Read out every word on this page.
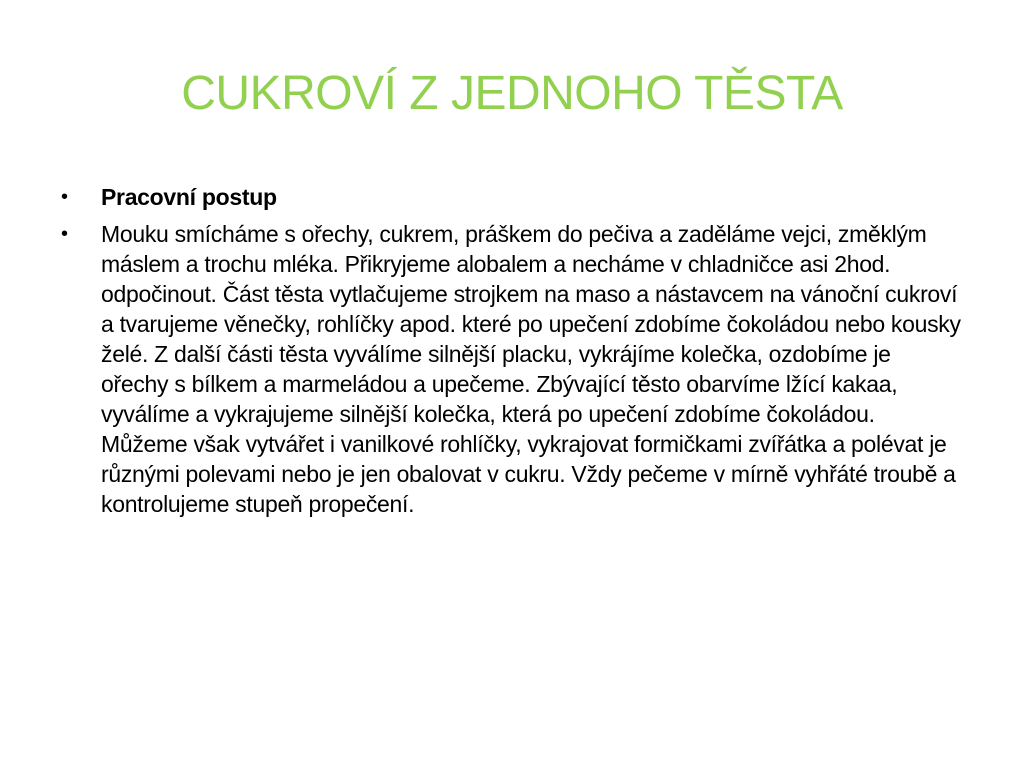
CUKROVÍ Z JEDNOHO TĚSTA
•	Pracovní postup
•	Mouku smícháme s ořechy, cukrem, práškem do pečiva a zaděláme vejci, změklým máslem a trochu mléka. Přikryjeme alobalem a necháme v chladničce asi 2hod. odpočinout. Část těsta vytlačujeme strojkem na maso a nástavcem na vánoční cukroví a tvarujeme věnečky, rohlíčky apod. které po upečení zdobíme čokoládou nebo kousky želé. Z další části těsta vyválíme silnější placku, vykrájíme kolečka, ozdobíme je ořechy s bílkem a marmeládou a upečeme. Zbývající těsto obarvíme lžící kakaa, vyválíme a vykrajujeme silnější kolečka, která po upečení zdobíme čokoládou. Můžeme však vytvářet i vanilkové rohlíčky, vykrajovat formičkami zvířátka a polévat je různými polevami nebo je jen obalovat v cukru. Vždy pečeme v mírně vyhřáté troubě a kontrolujeme stupeň propečení.
